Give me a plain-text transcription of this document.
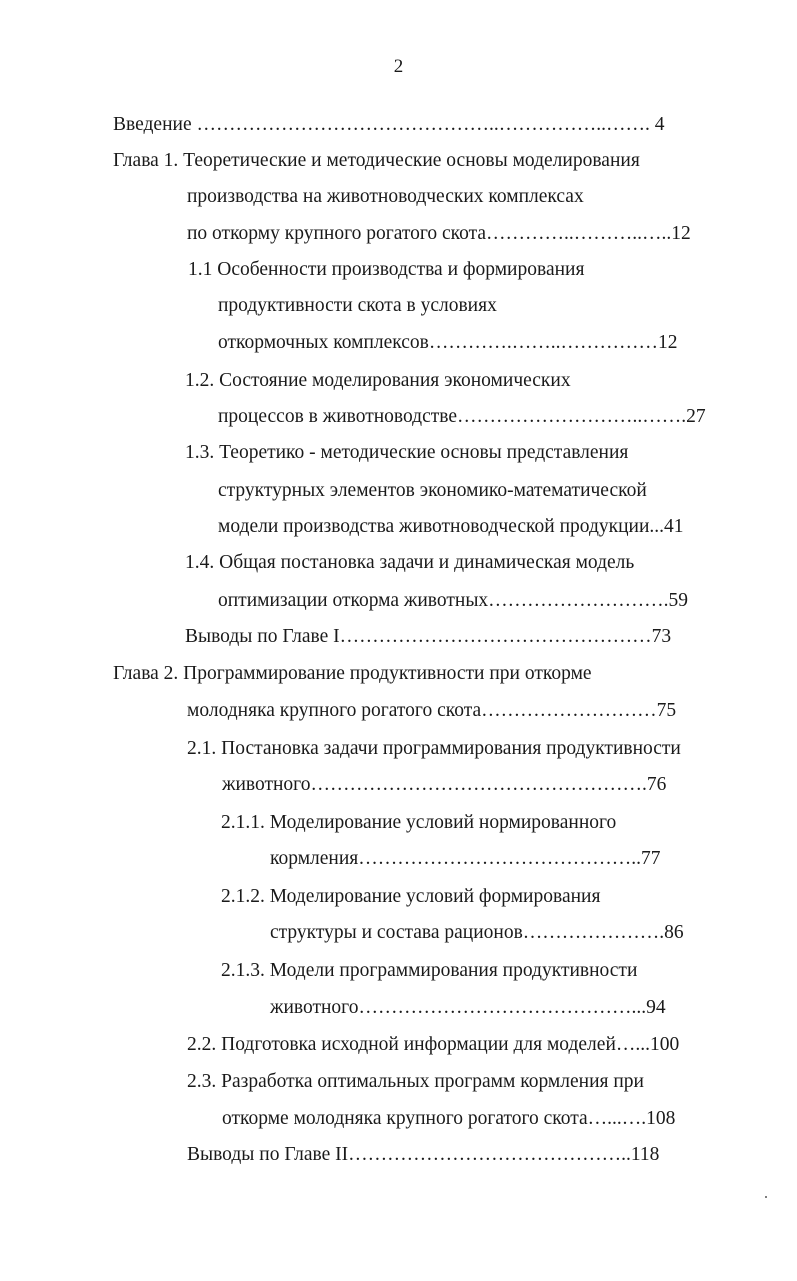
2
Введение ………………………………………..……………..……. 4
Глава 1. Теоретические и методические основы моделирования
производства на животноводческих комплексах
по откорму крупного рогатого скота…………..………..…..12
1.1 Особенности производства и формирования
продуктивности скота в условиях
откормочных комплексов………….……..……………12
1.2. Состояние моделирования экономических
процессов в животноводстве………………………..…….27
1.3. Теоретико - методические основы представления
структурных элементов экономико-математической
модели производства животноводческой продукции...41
1.4. Общая постановка задачи и динамическая модель
оптимизации откорма животных……………………….59
Выводы по Главе I…………………………………………73
Глава 2. Программирование продуктивности при откорме
молодняка крупного рогатого скота………………………75
2.1. Постановка задачи программирования продуктивности
животного…………………………………………….76
2.1.1. Моделирование условий нормированного
кормления……………………………………..77
2.1.2. Моделирование условий формирования
структуры и состава рационов………………….86
2.1.3. Модели программирования продуктивности
животного……………………………………...94
2.2. Подготовка исходной информации для моделей…...100
2.3. Разработка оптимальных программ кормления при
откорме молодняка крупного рогатого скота…...….108
Выводы по Главе II……………………………………..118
